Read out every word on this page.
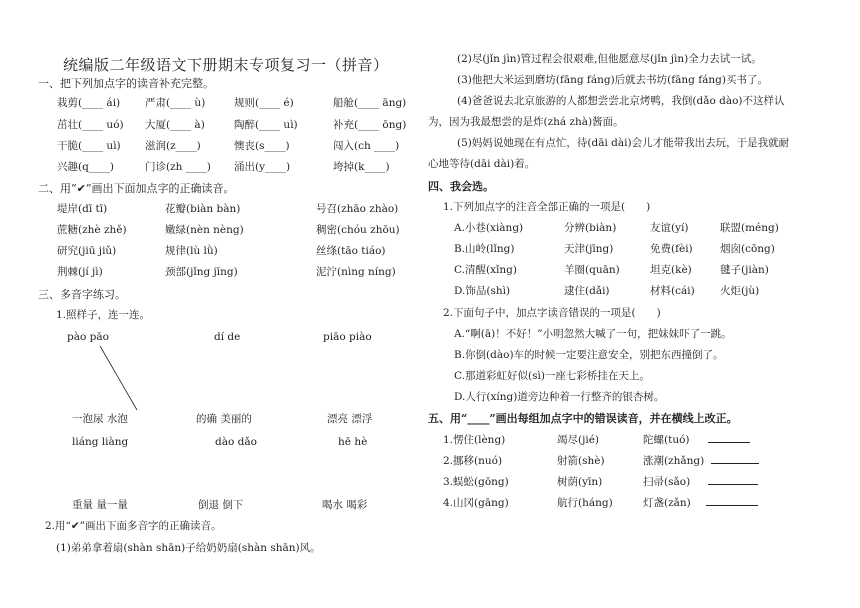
统编版二年级语文下册期末专项复习一（拼音）
一、把下列加点字的读音补充完整。
栽剪(____ ái) 严肃(____ ù)	规则(____ é)	船舱(____ āng)
茁壮(____ uó) 大厦(____ à)	陶醉(____ uì)	补充(____ ōng)
干脆(____ uì) 滋润(z____)	懊丧(s____)	闯入(ch ____)
兴趣(q____)	门诊(zh ____) 涌出(y____)	垮掉(k____)
二、用“✔”画出下面加点字的正确读音。
堤岸(dī tī)	花瓣(biàn bàn)	号召(zhāo zhào)
蔗糖(zhè zhě)	嫩绿(nèn nèng)	稠密(chóu zhōu)
研究(jiū jiǔ)	规律(lù lǜ)	丝绦(tāo tiáo)
荆棘(jí jì)	颈部(jǐng jīng)	泥泞(nìng níng)
三、多音字练习。
1.照样子，连一连。
pào pāo	dí de	piāo piào
一泡尿 水泡	的确 美丽的	漂亮 漂浮
liáng liàng	dào dǎo	hē hè
重量 量一量	倒退 倒下	喝水 喝彩
2.用“✔”画出下面多音字的正确读音。
(1)弟弟拿着扇(shàn shān)子给奶奶扇(shàn shān)风。
(2)尽(jǐn jìn)管过程会很艰难,但他愿意尽(jǐn jìn)全力去试一试。
(3)他把大米运到磨坊(fāng fáng)后就去书坊(fāng fáng)买书了。
(4)爸爸说去北京旅游的人都想尝尝北京烤鸭，我倒(dǎo dào)不这样认
为，因为我最想尝的是炸(zhá zhà)酱面。
(5)妈妈说她现在有点忙，待(dāi dài)会儿才能带我出去玩，于是我就耐
心地等待(dāi dài)着。
四、我会选。
1.下列加点字的注音全部正确的一项是(　　)
A.小巷(xiàng)	分辨(biàn)	友谊(yí)	联盟(méng)
B.山岭(lǐng)	天津(jīng)	免费(fèi)	烟囱(cōng)
C.清醒(xǐng)	羊圈(quān)	坦克(kè)	毽子(jiàn)
D.饰品(shì)	逮住(dǎi)	材料(cái) 火炬(jù)
2.下面句子中，加点字读音错误的一项是(　　)
A.“啊(ā)！不好！”小明忽然大喊了一句，把妹妹吓了一跳。
B.你倒(dào)车的时候一定要注意安全，别把东西撞倒了。
C.那道彩虹好似(sì)一座七彩桥挂在天上。
D.人行(xíng)道旁边种着一行整齐的银杏树。
五、用“____”画出每组加点字中的错误读音，并在横线上改正。
1.愣住(lèng)	竭尽(jié)	陀螺(tuó)
2.挪移(nuó)	射箭(shè)	涨潮(zhǎng)
3.蜈蚣(gōng)	树荫(yīn)	扫帚(sǎo)
4.山冈(gāng)	航行(háng)	灯盏(zǎn)
